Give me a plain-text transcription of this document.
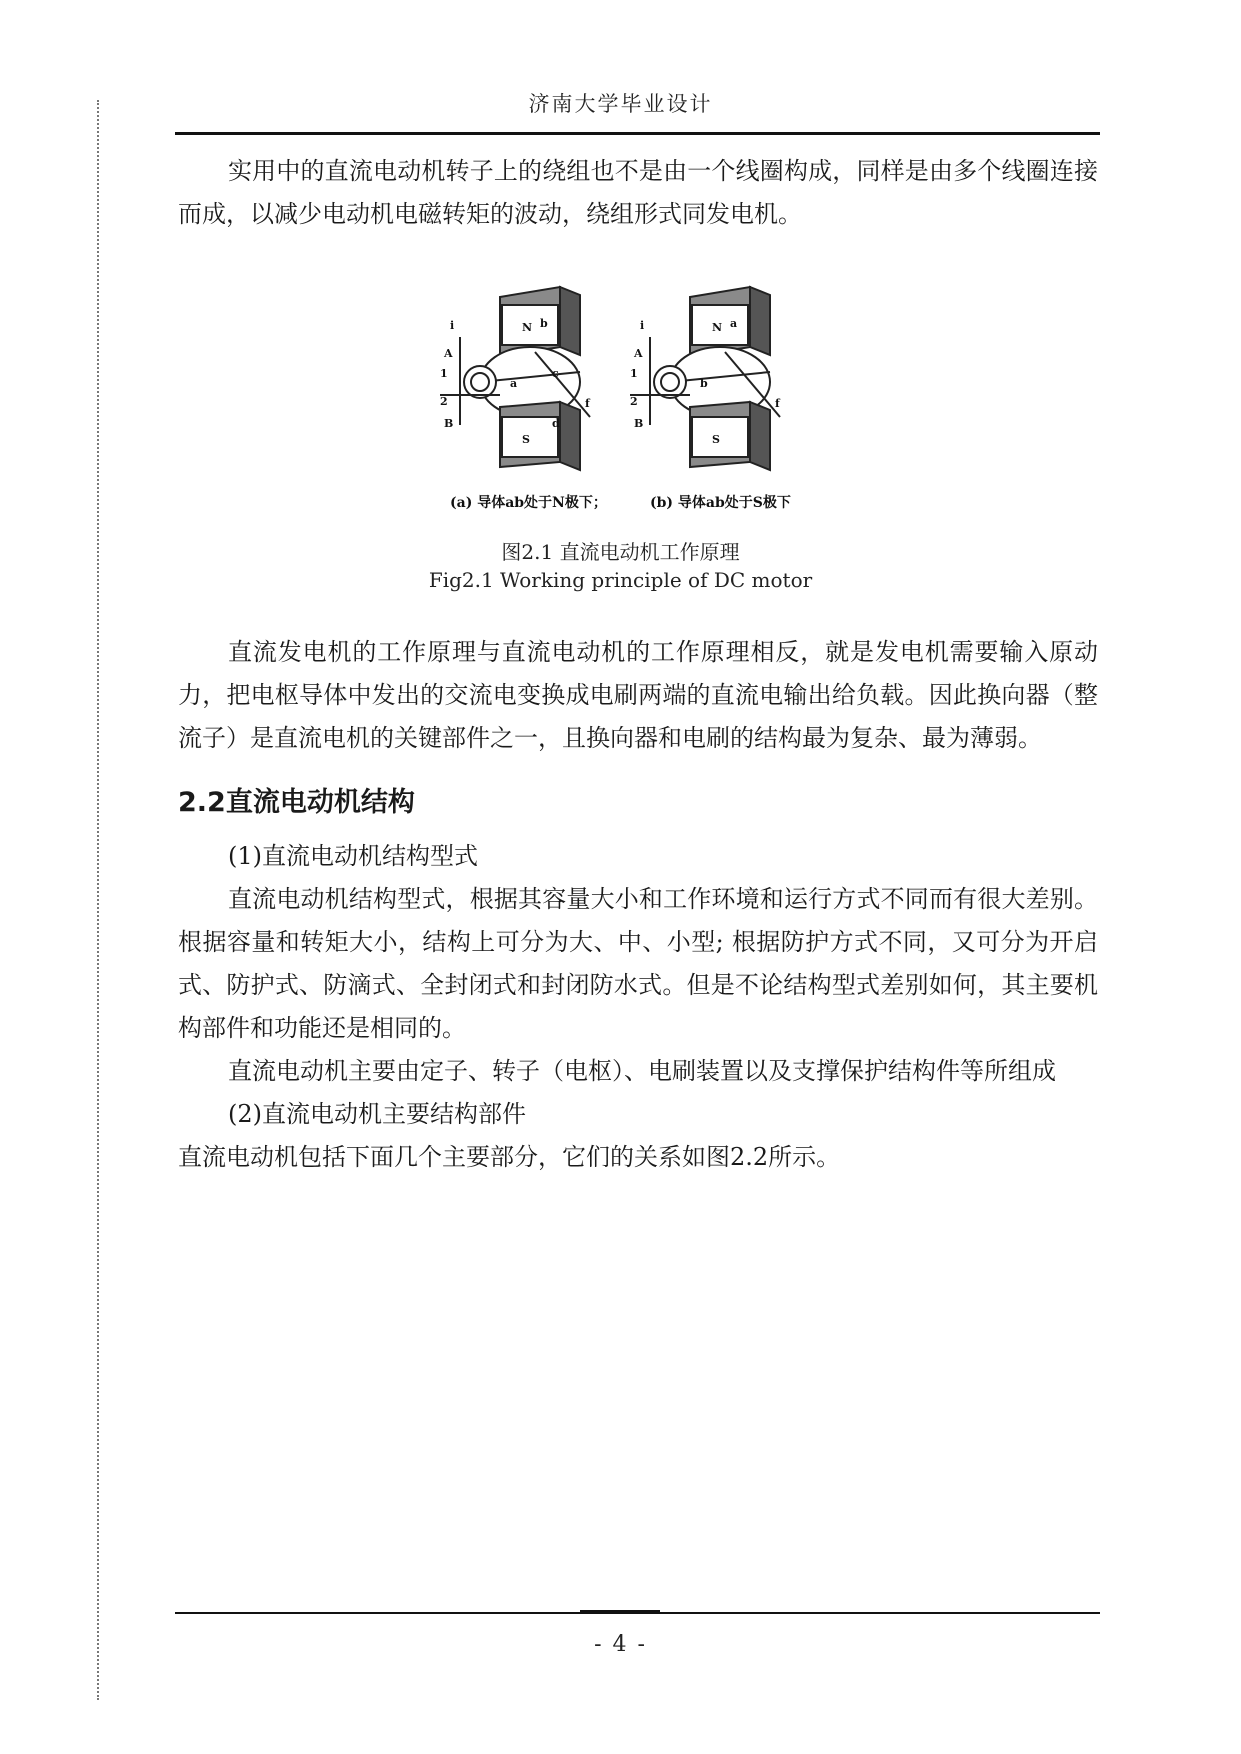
济南大学毕业设计

实用中的直流电动机转子上的绕组也不是由一个线圈构成，同样是由多个线圈连接而成，以减少电动机电磁转矩的波动，绕组形式同发电机。

N
S
A
B
i
f
b
a
c
d
1
2
N
S
A
B
i
f
a
b
1
2
(a) 导体ab处于N极下；	(b) 导体ab处于S极下
图2.1 直流电动机工作原理
Fig2.1 Working principle of DC motor

直流发电机的工作原理与直流电动机的工作原理相反，就是发电机需要输入原动力，把电枢导体中发出的交流电变换成电刷两端的直流电输出给负载。因此换向器（整流子）是直流电机的关键部件之一，且换向器和电刷的结构最为复杂、最为薄弱。

2.2直流电动机结构

(1)直流电动机结构型式

直流电动机结构型式，根据其容量大小和工作环境和运行方式不同而有很大差别。根据容量和转矩大小，结构上可分为大、中、小型; 根据防护方式不同，又可分为开启式、防护式、防滴式、全封闭式和封闭防水式。但是不论结构型式差别如何，其主要机构部件和功能还是相同的。

直流电动机主要由定子、转子（电枢）、电刷装置以及支撑保护结构件等所组成

(2)直流电动机主要结构部件

直流电动机包括下面几个主要部分，它们的关系如图2.2所示。

- 4 -
